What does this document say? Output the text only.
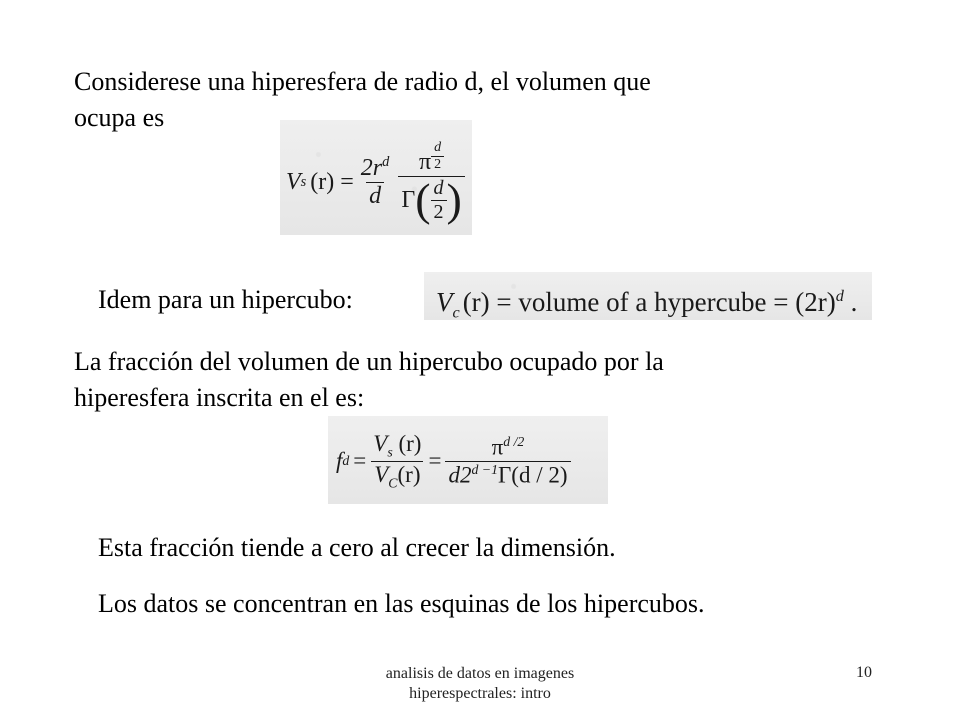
Considerese una hiperesfera de radio d, el volumen que
ocupa es
V s $(r) = \frac{2r^d}{d}$ π $^{\frac{d}{2}}$
Γ ( $\frac{d}{2}$ )
Idem para un hipercubo:	$V_c$ (r) = volume of a hypercube = $(2r)^d$ .
La fracción del volumen de un hipercubo ocupado por la
hiperesfera inscrita en el es:
f $d = \frac{V_s (r)}{V_C(r)} = \frac{\pi^{d /2}}{d2^{d -1}\Gamma(d / 2)}$
Esta fracción tiende a cero al crecer la dimensión.
Los datos se concentran en las esquinas de los hipercubos.
analisis de datos en imagenes
hiperespectrales: intro
10
